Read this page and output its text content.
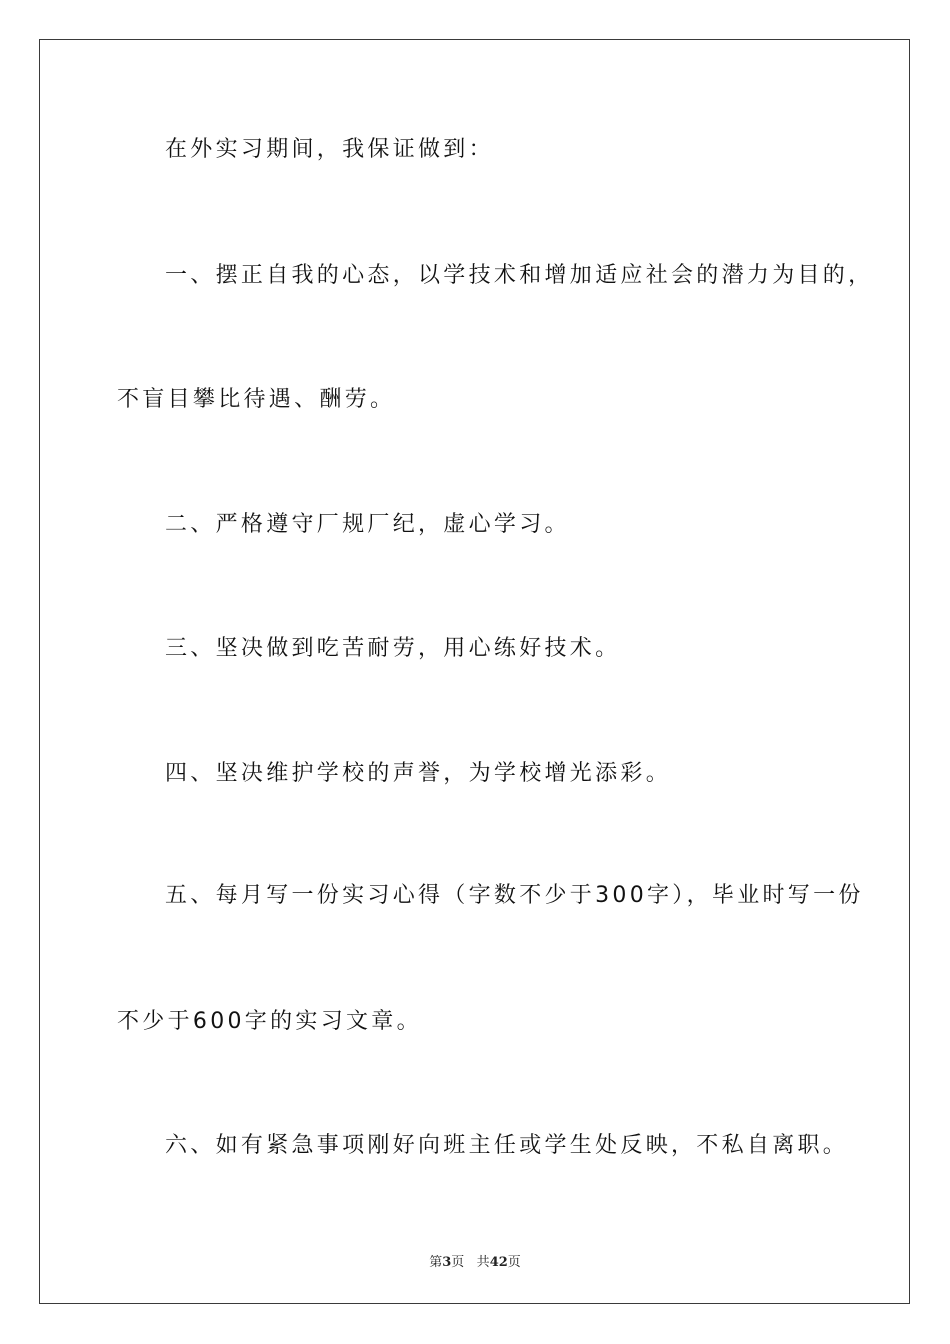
在外实习期间，我保证做到：
一、摆正自我的心态，以学技术和增加适应社会的潜力为目的，
不盲目攀比待遇、酬劳。
二、严格遵守厂规厂纪，虚心学习。
三、坚决做到吃苦耐劳，用心练好技术。
四、坚决维护学校的声誉，为学校增光添彩。
五、每月写一份实习心得（字数不少于300字），毕业时写一份
不少于600字的实习文章。
六、如有紧急事项刚好向班主任或学生处反映，不私自离职。
第3页 共42页
